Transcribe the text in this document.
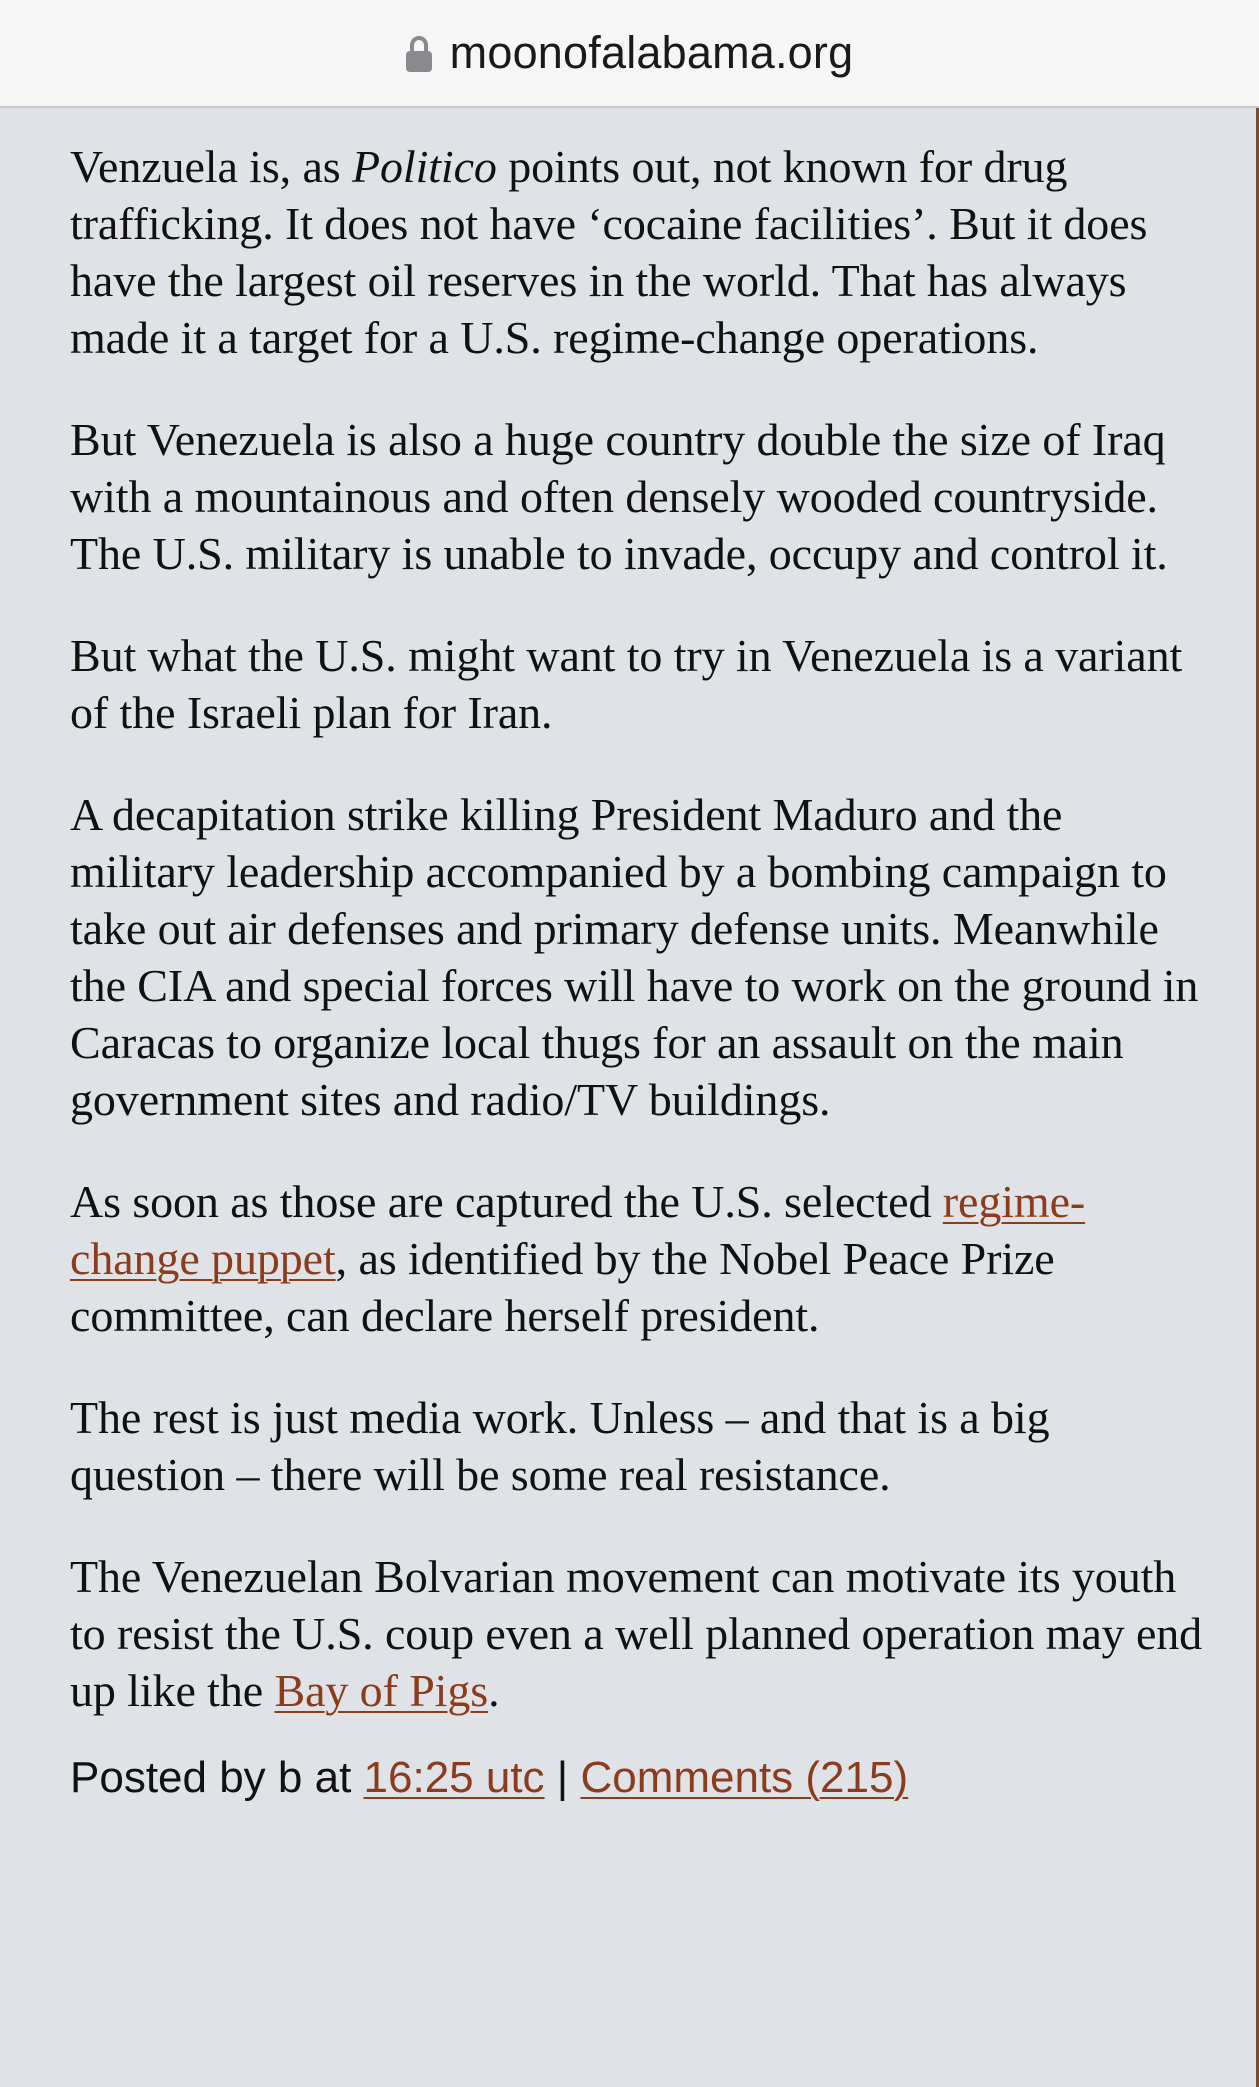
moonofalabama.org

Venzuela is, as Politico points out, not known for drug trafficking. It does not have ‘cocaine facilities’. But it does have the largest oil reserves in the world. That has always made it a target for a U.S. regime-change operations.

But Venezuela is also a huge country double the size of Iraq with a mountainous and often densely wooded countryside. The U.S. military is unable to invade, occupy and control it.

But what the U.S. might want to try in Venezuela is a variant of the Israeli plan for Iran.

A decapitation strike killing President Maduro and the military leadership accompanied by a bombing campaign to take out air defenses and primary defense units. Meanwhile the CIA and special forces will have to work on the ground in Caracas to organize local thugs for an assault on the main government sites and radio/TV buildings.

As soon as those are captured the U.S. selected regime-change puppet, as identified by the Nobel Peace Prize committee, can declare herself president.

The rest is just media work. Unless – and that is a big question – there will be some real resistance.

The Venezuelan Bolvarian movement can motivate its youth to resist the U.S. coup even a well planned operation may end up like the Bay of Pigs.

Posted by b at 16:25 utc | Comments (215)
